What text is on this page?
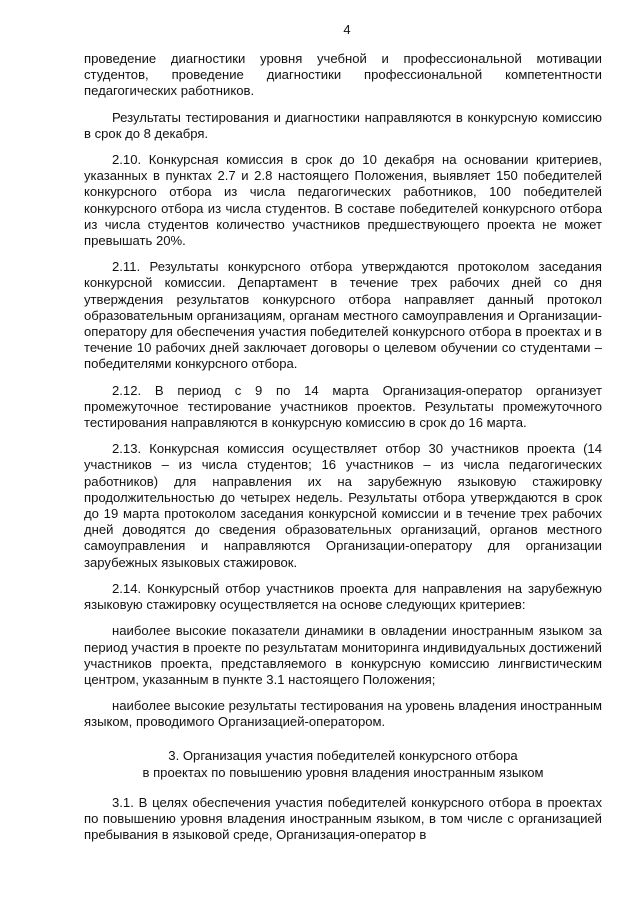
4

проведение диагностики уровня учебной и профессиональной мотивации студентов, проведение диагностики профессиональной компетентности педагогических работников.

Результаты тестирования и диагностики направляются в конкурсную комиссию в срок до 8 декабря.

2.10. Конкурсная комиссия в срок до 10 декабря на основании критериев, указанных в пунктах 2.7 и 2.8 настоящего Положения, выявляет 150 победителей конкурсного отбора из числа педагогических работников, 100 победителей конкурсного отбора из числа студентов. В составе победителей конкурсного отбора из числа студентов количество участников предшествующего проекта не может превышать 20%.

2.11. Результаты конкурсного отбора утверждаются протоколом заседания конкурсной комиссии. Департамент в течение трех рабочих дней со дня утверждения результатов конкурсного отбора направляет данный протокол образовательным организациям, органам местного самоуправления и Организации-оператору для обеспечения участия победителей конкурсного отбора в проектах и в течение 10 рабочих дней заключает договоры о целевом обучении со студентами – победителями конкурсного отбора.

2.12. В период с 9 по 14 марта Организация-оператор организует промежуточное тестирование участников проектов. Результаты промежуточного тестирования направляются в конкурсную комиссию в срок до 16 марта.

2.13. Конкурсная комиссия осуществляет отбор 30 участников проекта (14 участников – из числа студентов; 16 участников – из числа педагогических работников) для направления их на зарубежную языковую стажировку продолжительностью до четырех недель. Результаты отбора утверждаются в срок до 19 марта протоколом заседания конкурсной комиссии и в течение трех рабочих дней доводятся до сведения образовательных организаций, органов местного самоуправления и направляются Организации-оператору для организации зарубежных языковых стажировок.

2.14. Конкурсный отбор участников проекта для направления на зарубежную языковую стажировку осуществляется на основе следующих критериев:

наиболее высокие показатели динамики в овладении иностранным языком за период участия в проекте по результатам мониторинга индивидуальных достижений участников проекта, представляемого в конкурсную комиссию лингвистическим центром, указанным в пункте 3.1 настоящего Положения;

наиболее высокие результаты тестирования на уровень владения иностранным языком, проводимого Организацией-оператором.

3. Организация участия победителей конкурсного отбора
в проектах по повышению уровня владения иностранным языком

3.1. В целях обеспечения участия победителей конкурсного отбора в проектах по повышению уровня владения иностранным языком, в том числе с организацией пребывания в языковой среде, Организация-оператор в
